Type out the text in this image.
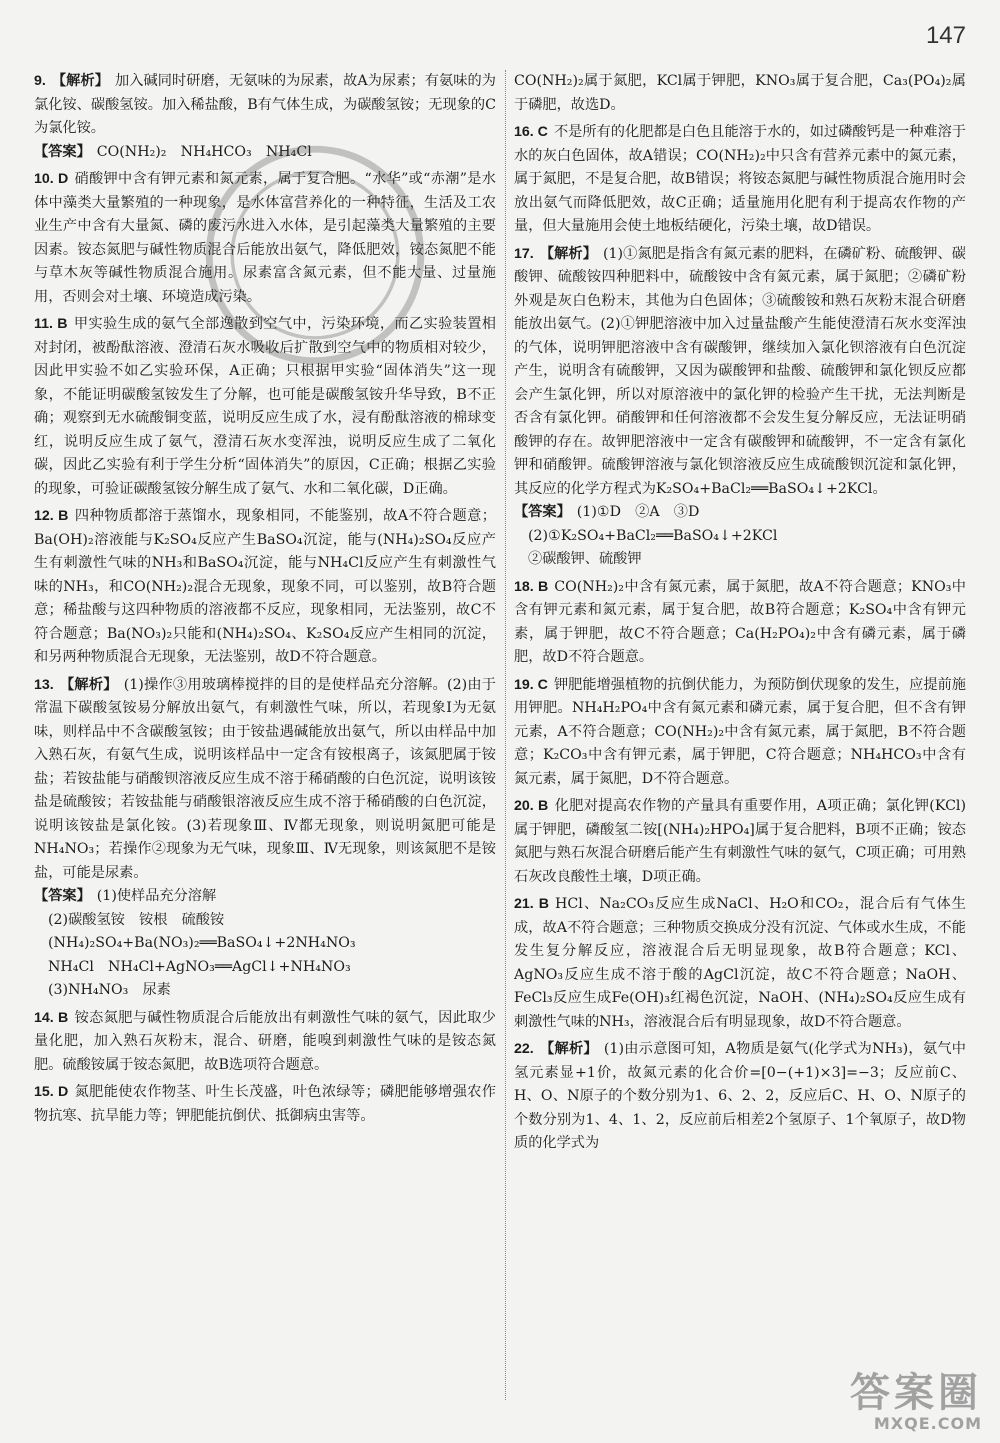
147
9. 【解析】 加入碱同时研磨，无氨味的为尿素，故A为尿素；有氨味的为氯化铵、碳酸氢铵。加入稀盐酸，B有气体生成，为碳酸氢铵；无现象的C为氯化铵。
【答案】 CO(NH₂)₂　NH₄HCO₃　NH₄Cl
10. D 硝酸钾中含有钾元素和氮元素，属于复合肥。“水华”或“赤潮”是水体中藻类大量繁殖的一种现象，是水体富营养化的一种特征，生活及工农业生产中含有大量氮、磷的废污水进入水体，是引起藻类大量繁殖的主要因素。铵态氮肥与碱性物质混合后能放出氨气，降低肥效，铵态氮肥不能与草木灰等碱性物质混合施用。尿素富含氮元素，但不能大量、过量施用，否则会对土壤、环境造成污染。
11. B 甲实验生成的氨气全部逸散到空气中，污染环境，而乙实验装置相对封闭，被酚酞溶液、澄清石灰水吸收后扩散到空气中的物质相对较少，因此甲实验不如乙实验环保，A正确；只根据甲实验“固体消失”这一现象，不能证明碳酸氢铵发生了分解，也可能是碳酸氢铵升华导致，B不正确；观察到无水硫酸铜变蓝，说明反应生成了水，浸有酚酞溶液的棉球变红，说明反应生成了氨气，澄清石灰水变浑浊，说明反应生成了二氧化碳，因此乙实验有利于学生分析“固体消失”的原因，C正确；根据乙实验的现象，可验证碳酸氢铵分解生成了氨气、水和二氧化碳，D正确。
12. B 四种物质都溶于蒸馏水，现象相同，不能鉴别，故A不符合题意；Ba(OH)₂溶液能与K₂SO₄反应产生BaSO₄沉淀，能与(NH₄)₂SO₄反应产生有刺激性气味的NH₃和BaSO₄沉淀，能与NH₄Cl反应产生有刺激性气味的NH₃，和CO(NH₂)₂混合无现象，现象不同，可以鉴别，故B符合题意；稀盐酸与这四种物质的溶液都不反应，现象相同，无法鉴别，故C不符合题意；Ba(NO₃)₂只能和(NH₄)₂SO₄、K₂SO₄反应产生相同的沉淀，和另两种物质混合无现象，无法鉴别，故D不符合题意。
13. 【解析】 (1)操作③用玻璃棒搅拌的目的是使样品充分溶解。(2)由于常温下碳酸氢铵易分解放出氨气，有刺激性气味，所以，若现象Ⅰ为无氨味，则样品中不含碳酸氢铵；由于铵盐遇碱能放出氨气，所以由样品中加入熟石灰，有氨气生成，说明该样品中一定含有铵根离子，该氮肥属于铵盐；若铵盐能与硝酸钡溶液反应生成不溶于稀硝酸的白色沉淀，说明该铵盐是硫酸铵；若铵盐能与硝酸银溶液反应生成不溶于稀硝酸的白色沉淀，说明该铵盐是氯化铵。(3)若现象Ⅲ、Ⅳ都无现象，则说明氮肥可能是NH₄NO₃；若操作②现象为无气味，现象Ⅲ、Ⅳ无现象，则该氮肥不是铵盐，可能是尿素。
【答案】 (1)使样品充分溶解
(2)碳酸氢铵　铵根　硫酸铵
(NH₄)₂SO₄+Ba(NO₃)₂══BaSO₄↓+2NH₄NO₃
NH₄Cl　NH₄Cl+AgNO₃══AgCl↓+NH₄NO₃
(3)NH₄NO₃　尿素
14. B 铵态氮肥与碱性物质混合后能放出有刺激性气味的氨气，因此取少量化肥，加入熟石灰粉末，混合、研磨，能嗅到刺激性气味的是铵态氮肥。硫酸铵属于铵态氮肥，故B选项符合题意。
15. D 氮肥能使农作物茎、叶生长茂盛，叶色浓绿等；磷肥能够增强农作物抗寒、抗旱能力等；钾肥能抗倒伏、抵御病虫害等。
CO(NH₂)₂属于氮肥，KCl属于钾肥，KNO₃属于复合肥，Ca₃(PO₄)₂属于磷肥，故选D。
16. C 不是所有的化肥都是白色且能溶于水的，如过磷酸钙是一种难溶于水的灰白色固体，故A错误；CO(NH₂)₂中只含有营养元素中的氮元素，属于氮肥，不是复合肥，故B错误；将铵态氮肥与碱性物质混合施用时会放出氨气而降低肥效，故C正确；适量施用化肥有利于提高农作物的产量，但大量施用会使土地板结硬化，污染土壤，故D错误。
17. 【解析】 (1)①氮肥是指含有氮元素的肥料，在磷矿粉、硫酸钾、碳酸钾、硫酸铵四种肥料中，硫酸铵中含有氮元素，属于氮肥；②磷矿粉外观是灰白色粉末，其他为白色固体；③硫酸铵和熟石灰粉末混合研磨能放出氨气。(2)①钾肥溶液中加入过量盐酸产生能使澄清石灰水变浑浊的气体，说明钾肥溶液中含有碳酸钾，继续加入氯化钡溶液有白色沉淀产生，说明含有硫酸钾，又因为碳酸钾和盐酸、硫酸钾和氯化钡反应都会产生氯化钾，所以对原溶液中的氯化钾的检验产生干扰，无法判断是否含有氯化钾。硝酸钾和任何溶液都不会发生复分解反应，无法证明硝酸钾的存在。故钾肥溶液中一定含有碳酸钾和硫酸钾，不一定含有氯化钾和硝酸钾。硫酸钾溶液与氯化钡溶液反应生成硫酸钡沉淀和氯化钾，其反应的化学方程式为K₂SO₄+BaCl₂══BaSO₄↓+2KCl。
【答案】 (1)①D　②A　③D
(2)①K₂SO₄+BaCl₂══BaSO₄↓+2KCl
②碳酸钾、硫酸钾
18. B CO(NH₂)₂中含有氮元素，属于氮肥，故A不符合题意；KNO₃中含有钾元素和氮元素，属于复合肥，故B符合题意；K₂SO₄中含有钾元素，属于钾肥，故C不符合题意；Ca(H₂PO₄)₂中含有磷元素，属于磷肥，故D不符合题意。
19. C 钾肥能增强植物的抗倒伏能力，为预防倒伏现象的发生，应提前施用钾肥。NH₄H₂PO₄中含有氮元素和磷元素，属于复合肥，但不含有钾元素，A不符合题意；CO(NH₂)₂中含有氮元素，属于氮肥，B不符合题意；K₂CO₃中含有钾元素，属于钾肥，C符合题意；NH₄HCO₃中含有氮元素，属于氮肥，D不符合题意。
20. B 化肥对提高农作物的产量具有重要作用，A项正确；氯化钾(KCl)属于钾肥，磷酸氢二铵[(NH₄)₂HPO₄]属于复合肥料，B项不正确；铵态氮肥与熟石灰混合研磨后能产生有刺激性气味的氨气，C项正确；可用熟石灰改良酸性土壤，D项正确。
21. B HCl、Na₂CO₃反应生成NaCl、H₂O和CO₂，混合后有气体生成，故A不符合题意；三种物质交换成分没有沉淀、气体或水生成，不能发生复分解反应，溶液混合后无明显现象，故B符合题意；KCl、AgNO₃反应生成不溶于酸的AgCl沉淀，故C不符合题意；NaOH、FeCl₃反应生成Fe(OH)₃红褐色沉淀，NaOH、(NH₄)₂SO₄反应生成有刺激性气味的NH₃，溶液混合后有明显现象，故D不符合题意。
22. 【解析】 (1)由示意图可知，A物质是氨气(化学式为NH₃)，氨气中氢元素显+1价，故氮元素的化合价=[0−(+1)×3]=−3；反应前C、H、O、N原子的个数分别为1、6、2、2，反应后C、H、O、N原子的个数分别为1、4、1、2，反应前后相差2个氢原子、1个氧原子，故D物质的化学式为
答案圈
MXQE.COM
